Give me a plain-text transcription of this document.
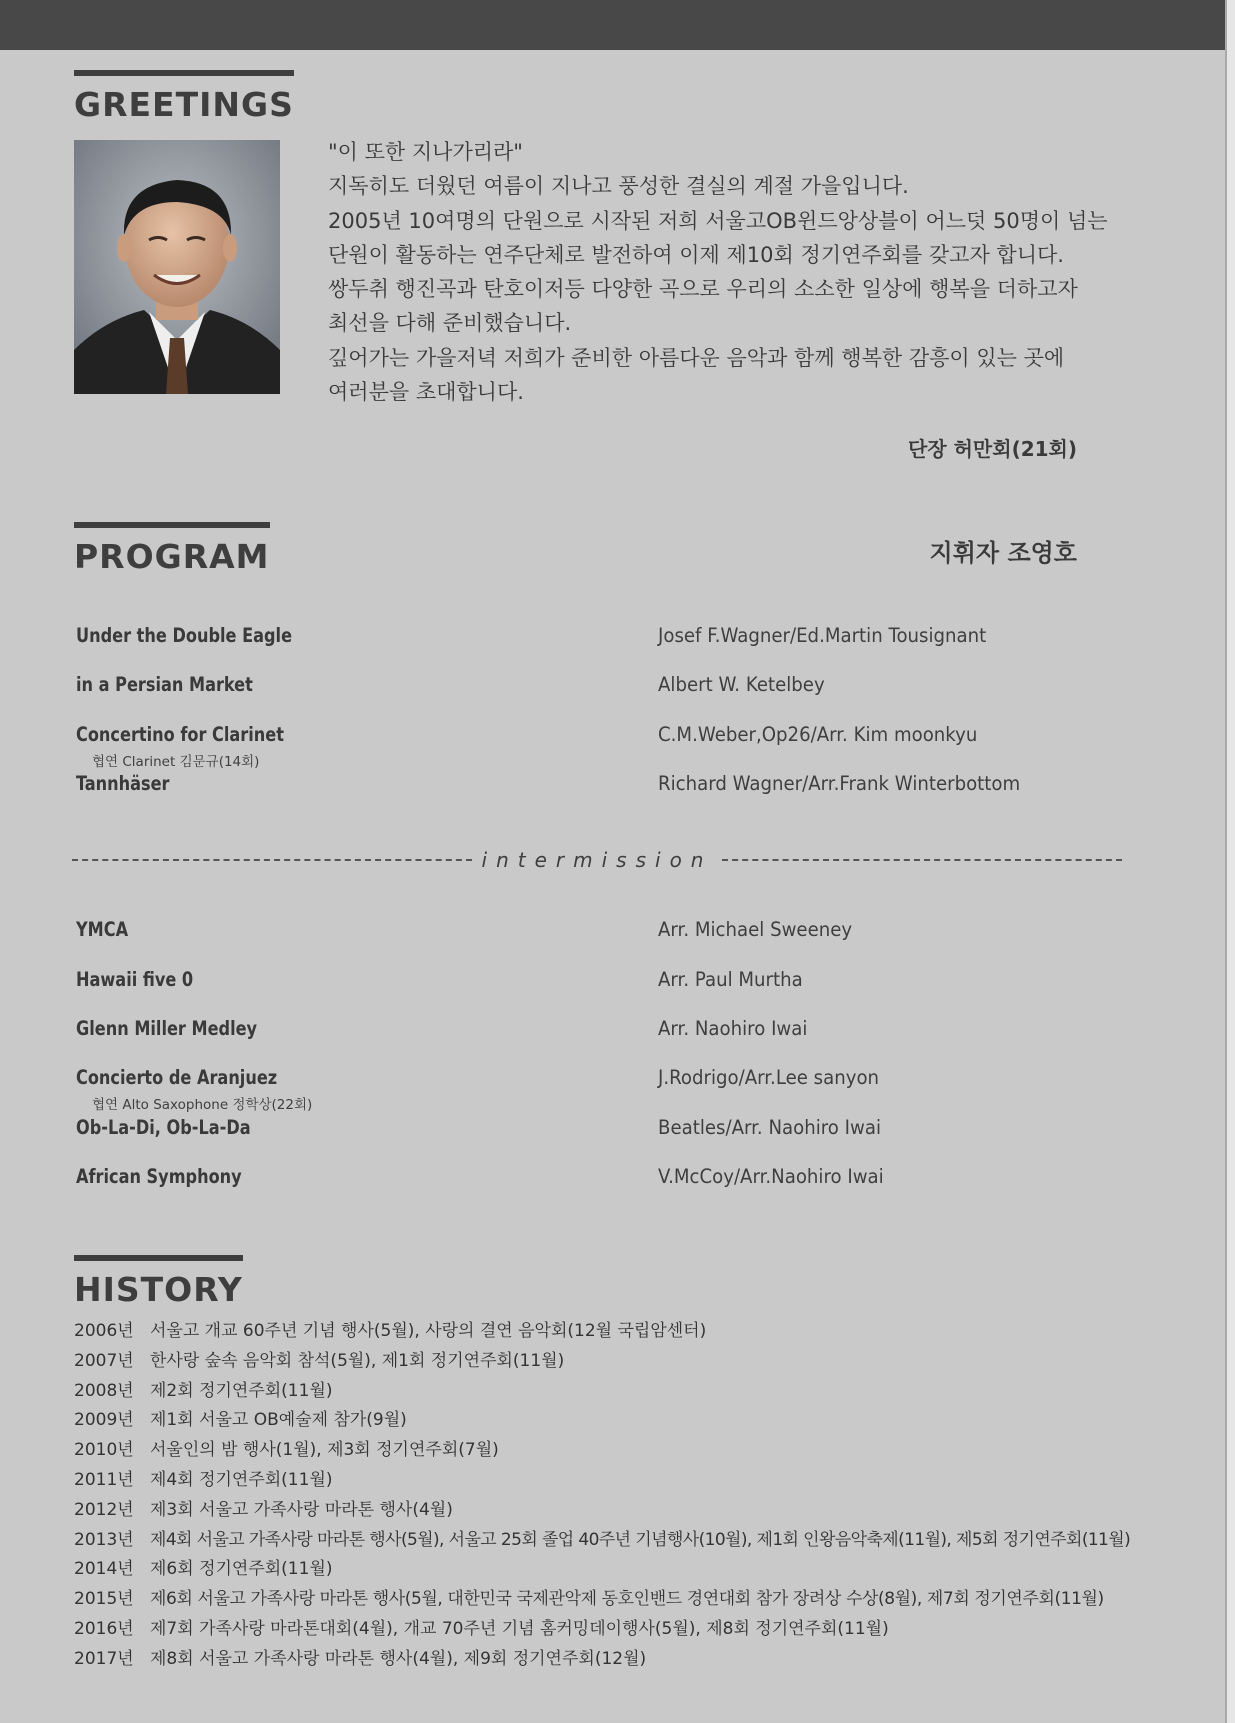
GREETINGS
"이 또한 지나가리라"
지독히도 더웠던 여름이 지나고 풍성한 결실의 계절 가을입니다.
2005년 10여명의 단원으로 시작된 저희 서울고OB윈드앙상블이 어느덧 50명이 넘는
단원이 활동하는 연주단체로 발전하여 이제 제10회 정기연주회를 갖고자 합니다.
쌍두취 행진곡과 탄호이저등 다양한 곡으로 우리의 소소한 일상에 행복을 더하고자
최선을 다해 준비했습니다.
깊어가는 가을저녁 저희가 준비한 아름다운 음악과 함께 행복한 감흥이 있는 곳에
여러분을 초대합니다.
단장 허만회(21회)
PROGRAM	지휘자 조영호
Under the Double Eagle	Josef F.Wagner/Ed.Martin Tousignant
in a Persian Market	Albert W. Ketelbey
Concertino for Clarinet	C.M.Weber,Op26/Arr. Kim moonkyu
협연 Clarinet 김문규(14회)
Tannhäser	Richard Wagner/Arr.Frank Winterbottom
intermission
YMCA	Arr. Michael Sweeney
Hawaii five 0	Arr. Paul Murtha
Glenn Miller Medley	Arr. Naohiro Iwai
Concierto de Aranjuez	J.Rodrigo/Arr.Lee sanyon
협연 Alto Saxophone 정학상(22회)
Ob-La-Di, Ob-La-Da	Beatles/Arr. Naohiro Iwai
African Symphony	V.McCoy/Arr.Naohiro Iwai
HISTORY
2006년 서울고 개교 60주년 기념 행사(5월), 사랑의 결연 음악회(12월 국립암센터)
2007년 한사랑 숲속 음악회 참석(5월), 제1회 정기연주회(11월)
2008년 제2회 정기연주회(11월)
2009년 제1회 서울고 OB예술제 참가(9월)
2010년 서울인의 밤 행사(1월), 제3회 정기연주회(7월)
2011년 제4회 정기연주회(11월)
2012년 제3회 서울고 가족사랑 마라톤 행사(4월)
2013년 제4회 서울고 가족사랑 마라톤 행사(5월), 서울고 25회 졸업 40주년 기념행사(10월), 제1회 인왕음악축제(11월), 제5회 정기연주회(11월)
2014년 제6회 정기연주회(11월)
2015년 제6회 서울고 가족사랑 마라톤 행사(5월, 대한민국 국제관악제 동호인밴드 경연대회 참가 장려상 수상(8월), 제7회 정기연주회(11월)
2016년 제7회 가족사랑 마라톤대회(4월), 개교 70주년 기념 홈커밍데이행사(5월), 제8회 정기연주회(11월)
2017년 제8회 서울고 가족사랑 마라톤 행사(4월), 제9회 정기연주회(12월)
